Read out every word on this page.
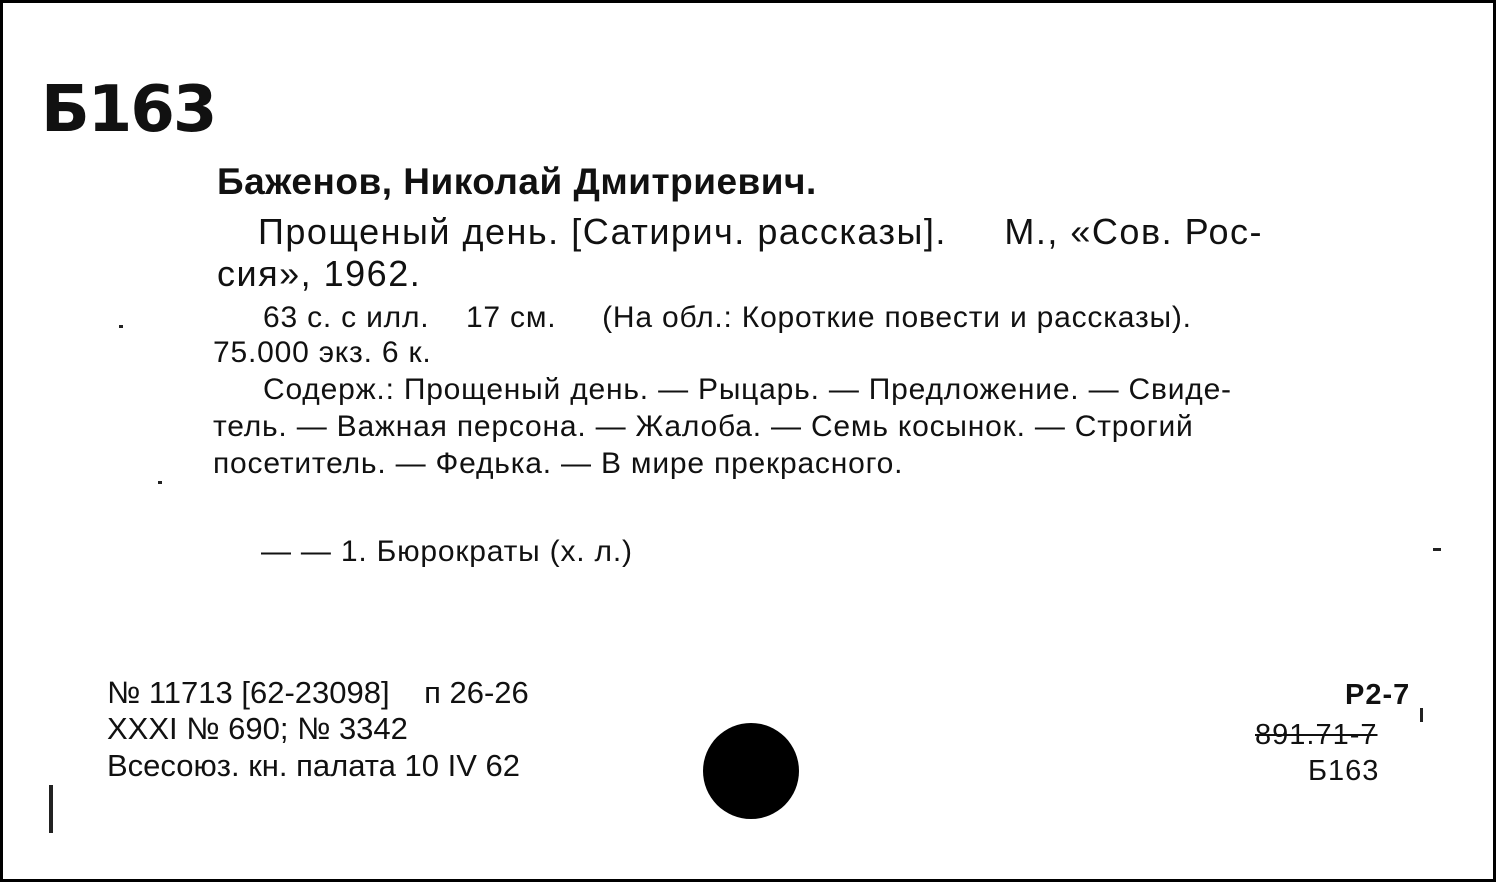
Б163
Баженов, Николай Дмитриевич.
Прощеный день. [Сатирич. рассказы].     М., «Сов. Рос-
сия», 1962.
63 с. с илл.    17 см.     (На обл.: Короткие повести и рассказы).
75.000 экз. 6 к.
Содерж.: Прощеный день. — Рыцарь. — Предложение. — Свиде-
тель. — Важная персона. — Жалоба. — Семь косынок. — Строгий
посетитель. — Федька. — В мире прекрасного.
— — 1. Бюрократы (х. л.)
№ 11713 [62-23098]    п 26-26
XXXI № 690; № 3342
Всесоюз. кн. палата 10 IV 62
Р2-7
891.71-7
Б163
